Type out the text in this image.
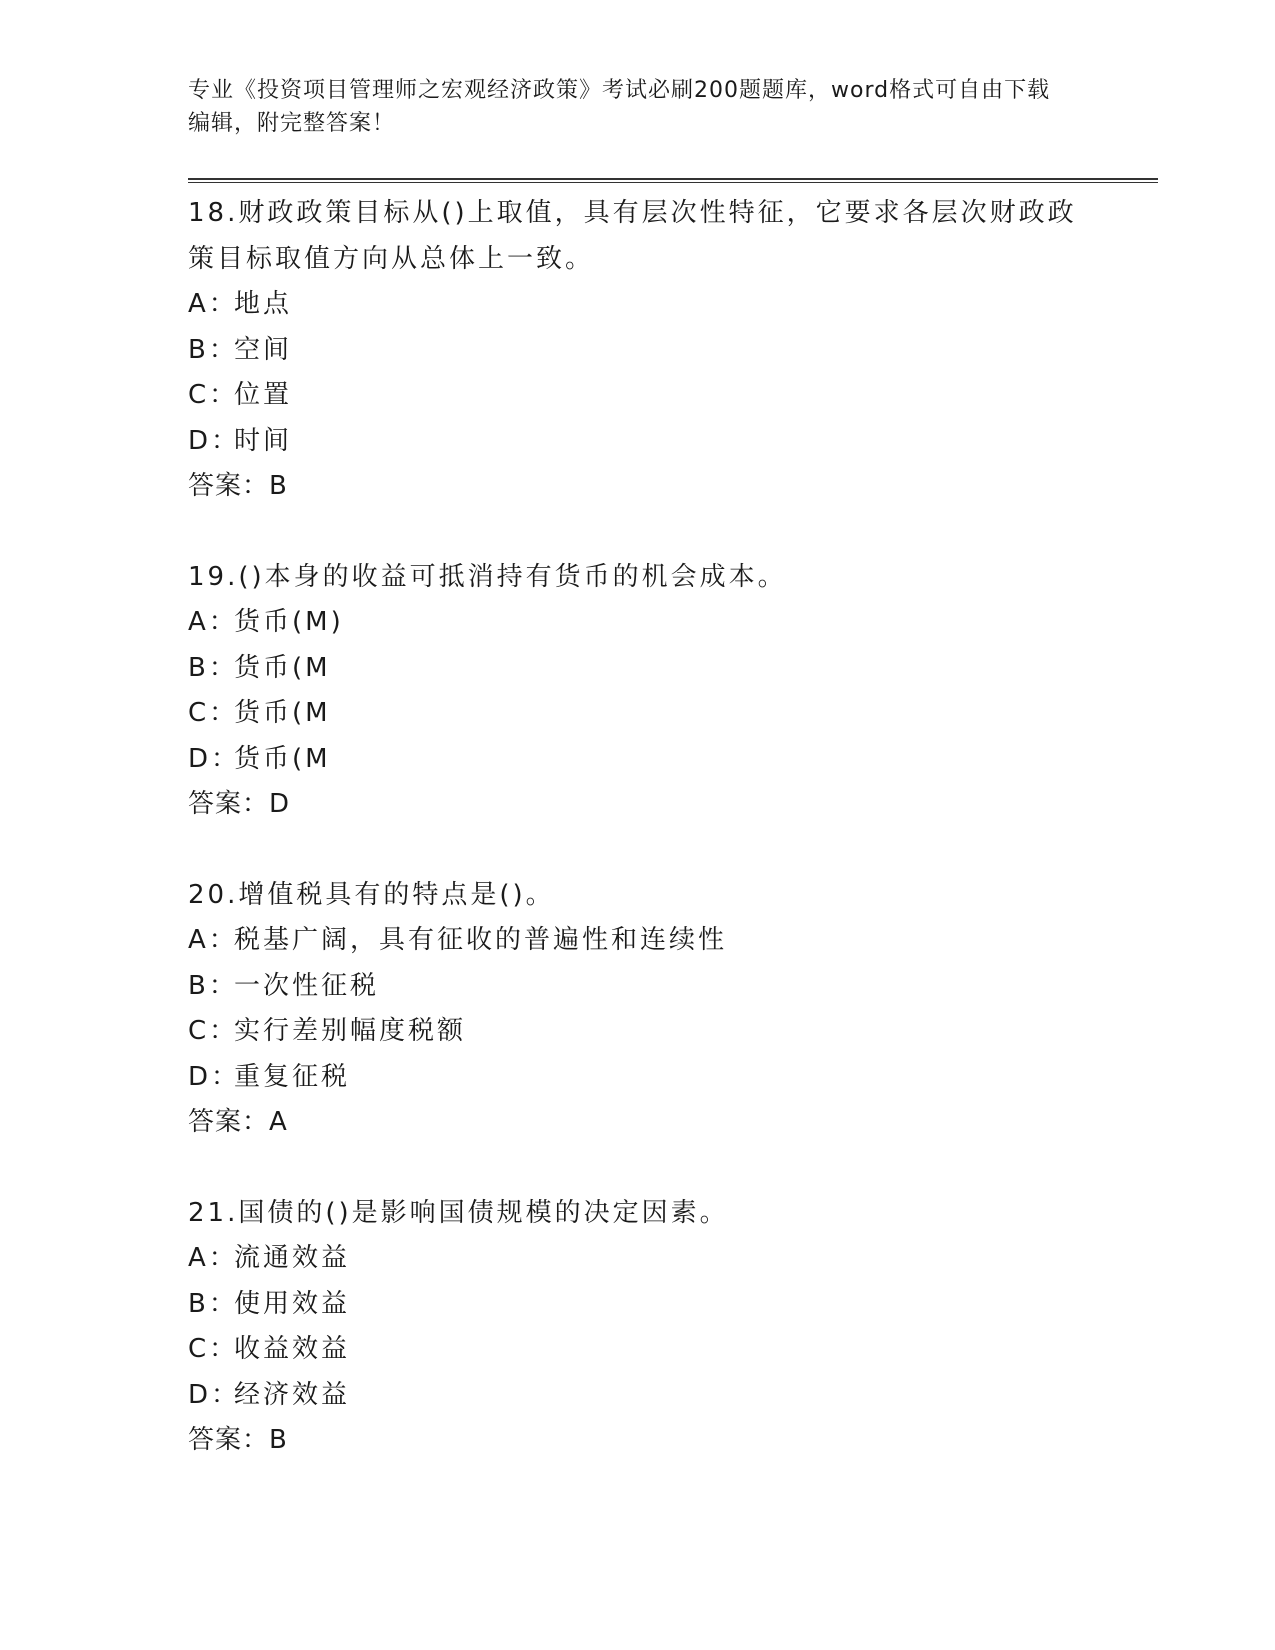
专业《投资项目管理师之宏观经济政策》考试必刷200题题库，word格式可自由下载编辑，附完整答案！
18.财政政策目标从()上取值，具有层次性特征，它要求各层次财政政策目标取值方向从总体上一致。
A：地点
B：空间
C：位置
D：时间
答案：B
19.()本身的收益可抵消持有货币的机会成本。
A：货币(M)
B：货币(M
C：货币(M
D：货币(M
答案：D
20.增值税具有的特点是()。
A：税基广阔，具有征收的普遍性和连续性
B：一次性征税
C：实行差别幅度税额
D：重复征税
答案：A
21.国债的()是影响国债规模的决定因素。
A：流通效益
B：使用效益
C：收益效益
D：经济效益
答案：B
